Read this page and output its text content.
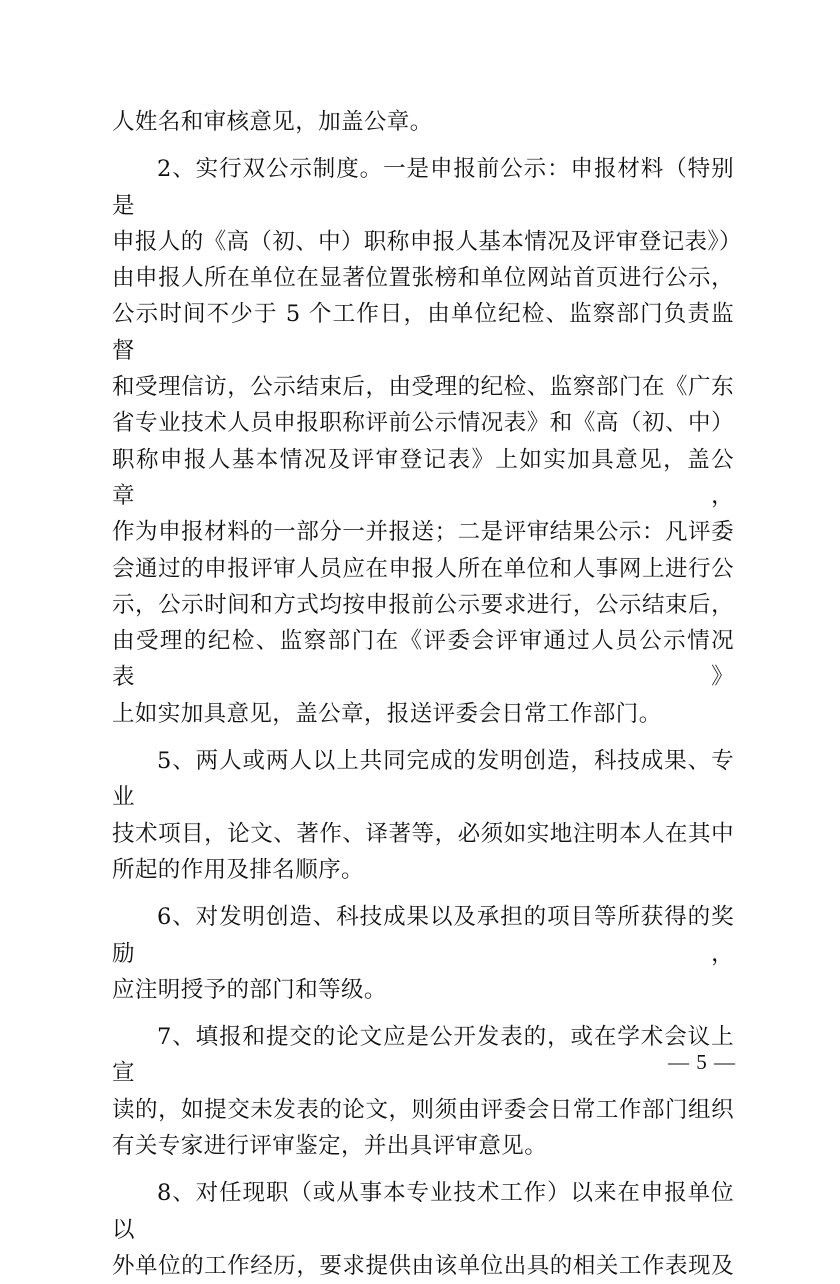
人姓名和审核意见，加盖公章。

2、实行双公示制度。一是申报前公示：申报材料（特别是

申报人的《高（初、中）职称申报人基本情况及评审登记表》）

由申报人所在单位在显著位置张榜和单位网站首页进行公示，

公示时间不少于 5 个工作日，由单位纪检、监察部门负责监督

和受理信访，公示结束后，由受理的纪检、监察部门在《广东

省专业技术人员申报职称评前公示情况表》和《高（初、中）

职称申报人基本情况及评审登记表》上如实加具意见，盖公章，

作为申报材料的一部分一并报送；二是评审结果公示：凡评委

会通过的申报评审人员应在申报人所在单位和人事网上进行公

示，公示时间和方式均按申报前公示要求进行，公示结束后，

由受理的纪检、监察部门在《评委会评审通过人员公示情况表》

上如实加具意见，盖公章，报送评委会日常工作部门。

5、两人或两人以上共同完成的发明创造，科技成果、专业

技术项目，论文、著作、译著等，必须如实地注明本人在其中

所起的作用及排名顺序。

6、对发明创造、科技成果以及承担的项目等所获得的奖励，

应注明授予的部门和等级。

7、填报和提交的论文应是公开发表的，或在学术会议上宣

读的，如提交未发表的论文，则须由评委会日常工作部门组织

有关专家进行评审鉴定，并出具评审意见。

8、对任现职（或从事本专业技术工作）以来在申报单位以

外单位的工作经历，要求提供由该单位出具的相关工作表现及

— 5 —
